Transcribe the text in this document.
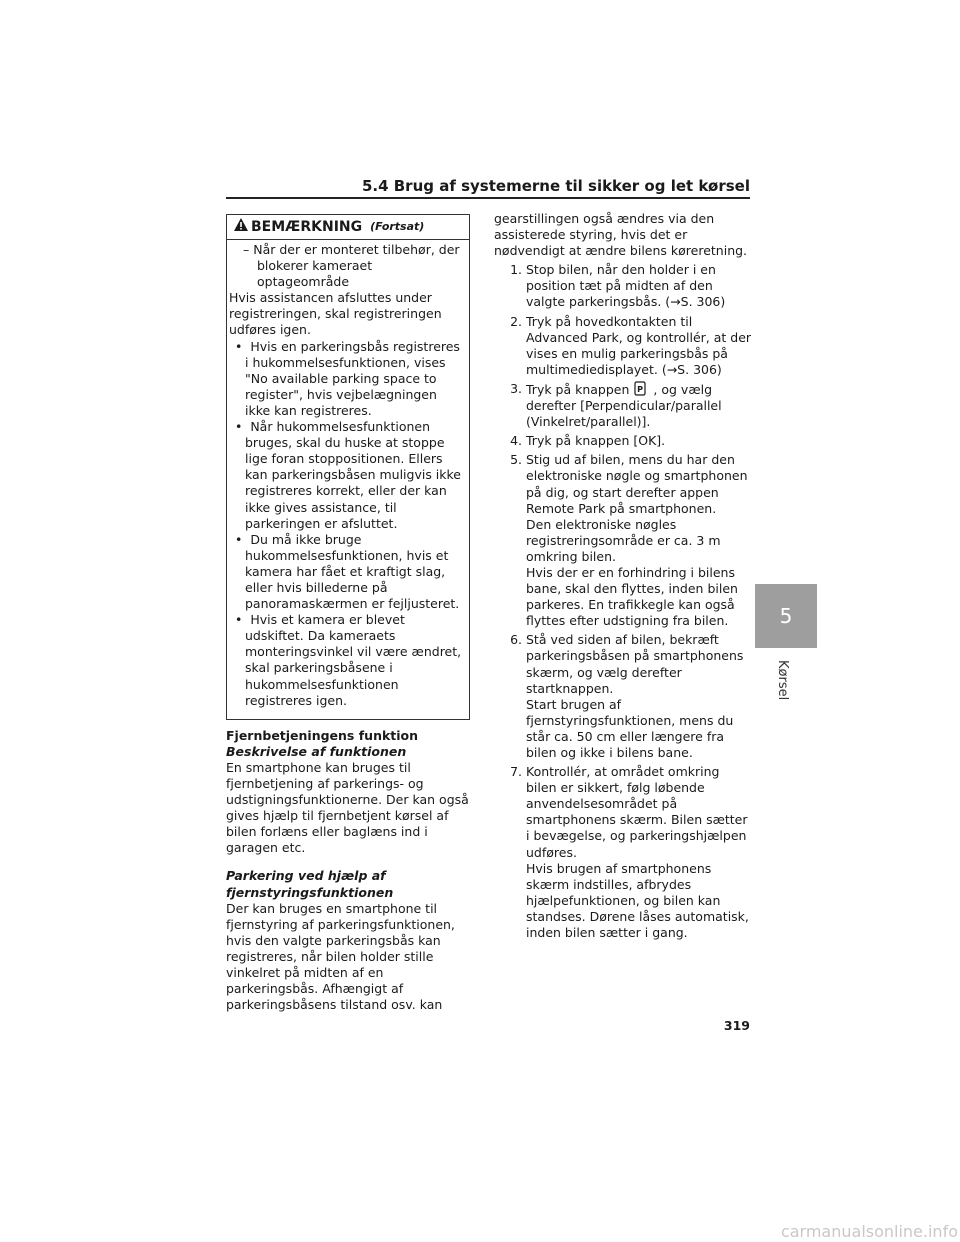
5.4 Brug af systemerne til sikker og let kørsel
BEMÆRKNING (Fortsat)

– Når der er monteret tilbehør, der blokerer kameraet optageområde

Hvis assistancen afsluttes under registreringen, skal registreringen udføres igen.

•  Hvis en parkeringsbås registreres i hukommelsesfunktionen, vises "No available parking space to register", hvis vejbelægningen ikke kan registreres.

•  Når hukommelsesfunktionen bruges, skal du huske at stoppe lige foran stoppositionen. Ellers kan parkeringsbåsen muligvis ikke registreres korrekt, eller der kan ikke gives assistance, til parkeringen er afsluttet.

•  Du må ikke bruge hukommelsesfunktionen, hvis et kamera har fået et kraftigt slag, eller hvis billederne på panoramaskærmen er fejljusteret.

•  Hvis et kamera er blevet udskiftet. Da kameraets monteringsvinkel vil være ændret, skal parkeringsbåsene i hukommelsesfunktionen registreres igen.

Fjernbetjeningens funktion

Beskrivelse af funktionen

En smartphone kan bruges til fjernbetjening af parkerings- og udstigningsfunktionerne. Der kan også gives hjælp til fjernbetjent kørsel af bilen forlæns eller baglæns ind i garagen etc.

Parkering ved hjælp af fjernstyringsfunktionen

Der kan bruges en smartphone til fjernstyring af parkeringsfunktionen, hvis den valgte parkeringsbås kan registreres, når bilen holder stille vinkelret på midten af en parkeringsbås. Afhængigt af parkeringsbåsens tilstand osv. kan

gearstillingen også ændres via den assisterede styring, hvis det er nødvendigt at ændre bilens køreretning.

1. Stop bilen, når den holder i en position tæt på midten af den valgte parkeringsbås. (→S. 306)
2. Tryk på hovedkontakten til Advanced Park, og kontrollér, at der vises en mulig parkeringsbås på multimediedisplayet. (→S. 306)
3. Tryk på knappen P , og vælg derefter [Perpendicular/parallel (Vinkelret/parallel)].
4. Tryk på knappen [OK].
5. Stig ud af bilen, mens du har den elektroniske nøgle og smartphonen på dig, og start derefter appen Remote Park på smartphonen.

Den elektroniske nøgles registreringsområde er ca. 3 m omkring bilen.

Hvis der er en forhindring i bilens bane, skal den flyttes, inden bilen parkeres. En trafikkegle kan også flyttes efter udstigning fra bilen.

6. Stå ved siden af bilen, bekræft parkeringsbåsen på smartphonens skærm, og vælg derefter startknappen.

Start brugen af fjernstyringsfunktionen, mens du står ca. 50 cm eller længere fra bilen og ikke i bilens bane.

7. Kontrollér, at området omkring bilen er sikkert, følg løbende anvendelsesområdet på smartphonens skærm. Bilen sætter i bevægelse, og parkeringshjælpen udføres.

Hvis brugen af smartphonens skærm indstilles, afbrydes hjælpefunktionen, og bilen kan standses. Dørene låses automatisk, inden bilen sætter i gang.

5
Kørsel
319
carmanualsonline.info
